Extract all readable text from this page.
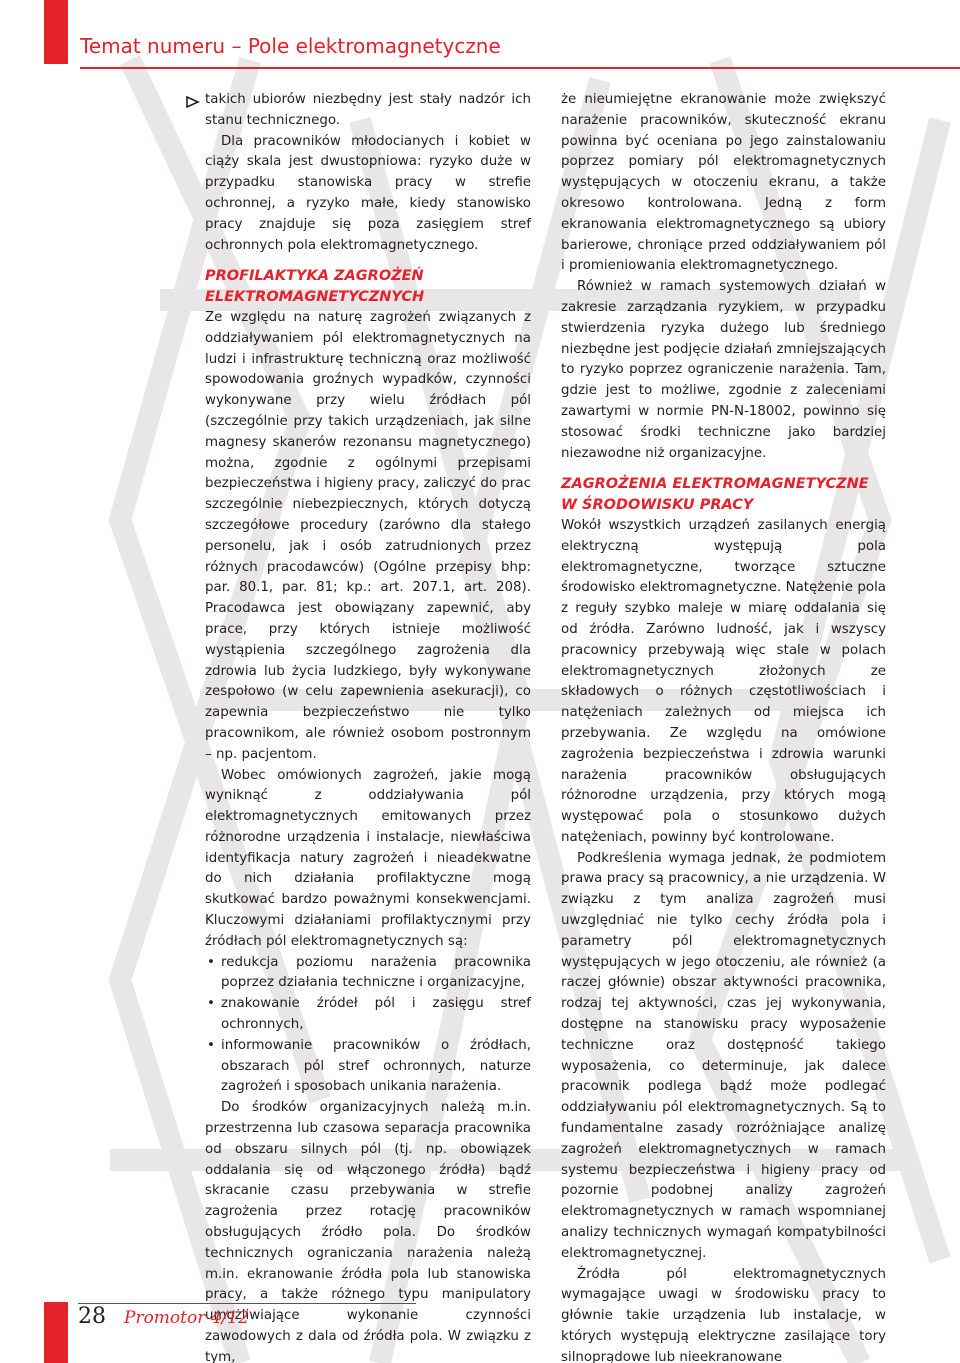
Temat numeru – Pole elektromagnetyczne

takich ubiorów niezbędny jest stały nadzór ich stanu technicznego.

Dla pracowników młodocianych i kobiet w ciąży skala jest dwustopniowa: ryzyko duże w przypadku stanowiska pracy w strefie ochronnej, a ryzyko małe, kiedy stanowisko pracy znajduje się poza zasięgiem stref ochronnych pola elektromagnetycznego.

PROFILAKTYKA ZAGROŻEŃ
ELEKTROMAGNETYCZNYCH

Ze względu na naturę zagrożeń związanych z oddziaływaniem pól elektromagnetycznych na ludzi i infrastrukturę techniczną oraz możliwość spowodowania groźnych wypadków, czynności wykonywane przy wielu źródłach pól (szczególnie przy takich urządzeniach, jak silne magnesy skanerów rezonansu magnetycznego) można, zgodnie z ogólnymi przepisami bezpieczeństwa i higieny pracy, zaliczyć do prac szczególnie niebezpiecznych, których dotyczą szczegółowe procedury (zarówno dla stałego personelu, jak i osób zatrudnionych przez różnych pracodawców) (Ogólne przepisy bhp: par. 80.1, par. 81; kp.: art. 207.1, art. 208). Pracodawca jest obowiązany zapewnić, aby prace, przy których istnieje możliwość wystąpienia szczególnego zagrożenia dla zdrowia lub życia ludzkiego, były wykonywane zespołowo (w celu zapewnienia asekuracji), co zapewnia bezpieczeństwo nie tylko pracownikom, ale również osobom postronnym – np. pacjentom.

Wobec omówionych zagrożeń, jakie mogą wyniknąć z oddziaływania pól elektromagnetycznych emitowanych przez różnorodne urządzenia i instalacje, niewłaściwa identyfikacja natury zagrożeń i nieadekwatne do nich działania profilaktyczne mogą skutkować bardzo poważnymi konsekwencjami. Kluczowymi działaniami profilaktycznymi przy źródłach pól elektromagnetycznych są:

• redukcja poziomu narażenia pracownika poprzez działania techniczne i organizacyjne,
• znakowanie źródeł pól i zasięgu stref ochronnych,
• informowanie pracowników o źródłach, obszarach pól stref ochronnych, naturze zagrożeń i sposobach unikania narażenia.

Do środków organizacyjnych należą m.in. przestrzenna lub czasowa separacja pracownika od obszaru silnych pól (tj. np. obowiązek oddalania się od włączonego źródła) bądź skracanie czasu przebywania w strefie zagrożenia przez rotację pracowników obsługujących źródło pola. Do środków technicznych ograniczania narażenia należą m.in. ekranowanie źródła pola lub stanowiska pracy, a także różnego typu manipulatory umożliwiające wykonanie czynności zawodowych z dala od źródła pola. W związku z tym,

że nieumiejętne ekranowanie może zwiększyć narażenie pracowników, skuteczność ekranu powinna być oceniana po jego zainstalowaniu poprzez pomiary pól elektromagnetycznych występujących w otoczeniu ekranu, a także okresowo kontrolowana. Jedną z form ekranowania elektromagnetycznego są ubiory barierowe, chroniące przed oddziaływaniem pól i promieniowania elektromagnetycznego.

Również w ramach systemowych działań w zakresie zarządzania ryzykiem, w przypadku stwierdzenia ryzyka dużego lub średniego niezbędne jest podjęcie działań zmniejszających to ryzyko poprzez ograniczenie narażenia. Tam, gdzie jest to możliwe, zgodnie z zaleceniami zawartymi w normie PN-N-18002, powinno się stosować środki techniczne jako bardziej niezawodne niż organizacyjne.

ZAGROŻENIA ELEKTROMAGNETYCZNE
W ŚRODOWISKU PRACY

Wokół wszystkich urządzeń zasilanych energią elektryczną występują pola elektromagnetyczne, tworzące sztuczne środowisko elektromagnetyczne. Natężenie pola z reguły szybko maleje w miarę oddalania się od źródła. Zarówno ludność, jak i wszyscy pracownicy przebywają więc stale w polach elektromagnetycznych złożonych ze składowych o różnych częstotliwościach i natężeniach zależnych od miejsca ich przebywania. Ze względu na omówione zagrożenia bezpieczeństwa i zdrowia warunki narażenia pracowników obsługujących różnorodne urządzenia, przy których mogą występować pola o stosunkowo dużych natężeniach, powinny być kontrolowane.

Podkreślenia wymaga jednak, że podmiotem prawa pracy są pracownicy, a nie urządzenia. W związku z tym analiza zagrożeń musi uwzględniać nie tylko cechy źródła pola i parametry pól elektromagnetycznych występujących w jego otoczeniu, ale również (a raczej głównie) obszar aktywności pracownika, rodzaj tej aktywności, czas jej wykonywania, dostępne na stanowisku pracy wyposażenie techniczne oraz dostępność takiego wyposażenia, co determinuje, jak dalece pracownik podlega bądź może podlegać oddziaływaniu pól elektromagnetycznych. Są to fundamentalne zasady rozróżniające analizę zagrożeń elektromagnetycznych w ramach systemu bezpieczeństwa i higieny pracy od pozornie podobnej analizy zagrożeń elektromagnetycznych w ramach wspomnianej analizy technicznych wymagań kompatybilności elektromagnetycznej.

Źródła pól elektromagnetycznych wymagające uwagi w środowisku pracy to głównie takie urządzenia lub instalacje, w których występują elektryczne zasilające tory silnoprądowe lub nieekranowane

28 Promotor 4/12
